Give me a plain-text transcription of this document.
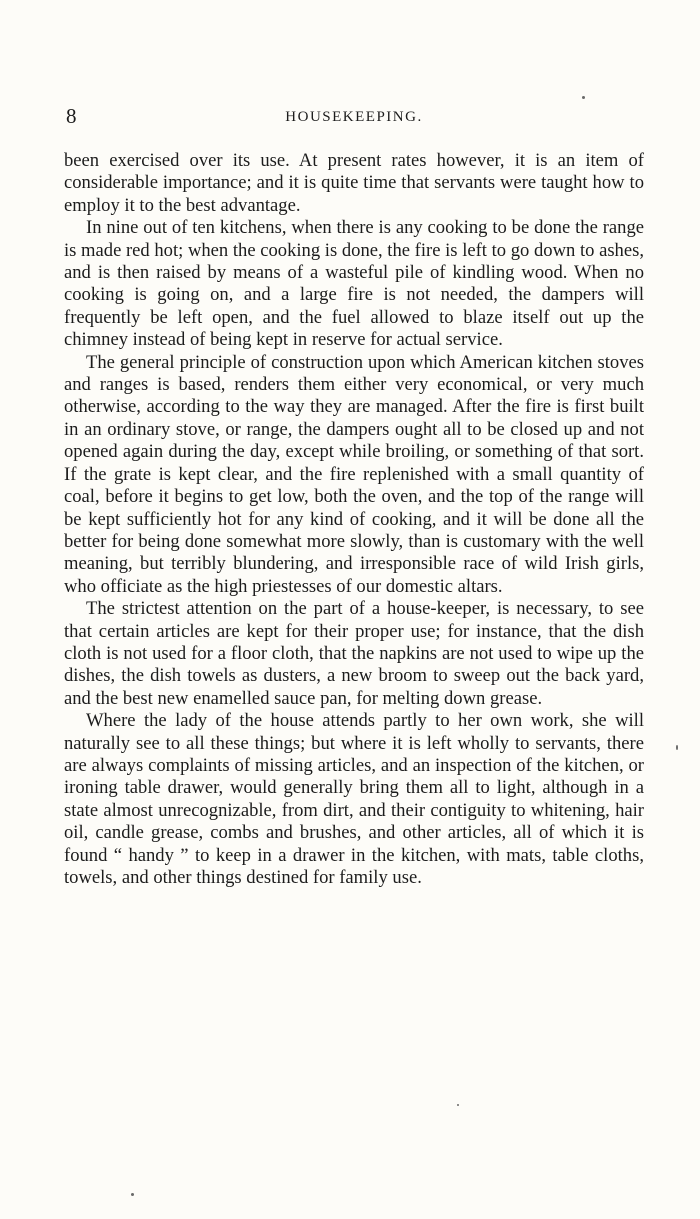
8	HOUSEKEEPING.

been exercised over its use. At present rates however, it is an item of considerable importance; and it is quite time that servants were taught how to employ it to the best advantage.

In nine out of ten kitchens, when there is any cooking to be done the range is made red hot; when the cooking is done, the fire is left to go down to ashes, and is then raised by means of a wasteful pile of kindling wood. When no cooking is going on, and a large fire is not needed, the dampers will frequently be left open, and the fuel allowed to blaze itself out up the chimney instead of being kept in reserve for actual service.

The general principle of construction upon which American kitchen stoves and ranges is based, renders them either very economical, or very much otherwise, according to the way they are managed. After the fire is first built in an ordinary stove, or range, the dampers ought all to be closed up and not opened again during the day, except while broiling, or something of that sort. If the grate is kept clear, and the fire replenished with a small quantity of coal, before it begins to get low, both the oven, and the top of the range will be kept sufficiently hot for any kind of cooking, and it will be done all the better for being done somewhat more slowly, than is customary with the well meaning, but terribly blundering, and irresponsible race of wild Irish girls, who officiate as the high priestesses of our domestic altars.

The strictest attention on the part of a house-keeper, is necessary, to see that certain articles are kept for their proper use; for instance, that the dish cloth is not used for a floor cloth, that the napkins are not used to wipe up the dishes, the dish towels as dusters, a new broom to sweep out the back yard, and the best new enamelled sauce pan, for melting down grease.

Where the lady of the house attends partly to her own work, she will naturally see to all these things; but where it is left wholly to servants, there are always complaints of missing articles, and an inspection of the kitchen, or ironing table drawer, would generally bring them all to light, although in a state almost unrecognizable, from dirt, and their contiguity to whitening, hair oil, candle grease, combs and brushes, and other articles, all of which it is found “ handy ” to keep in a drawer in the kitchen, with mats, table cloths, towels, and other things destined for family use.
